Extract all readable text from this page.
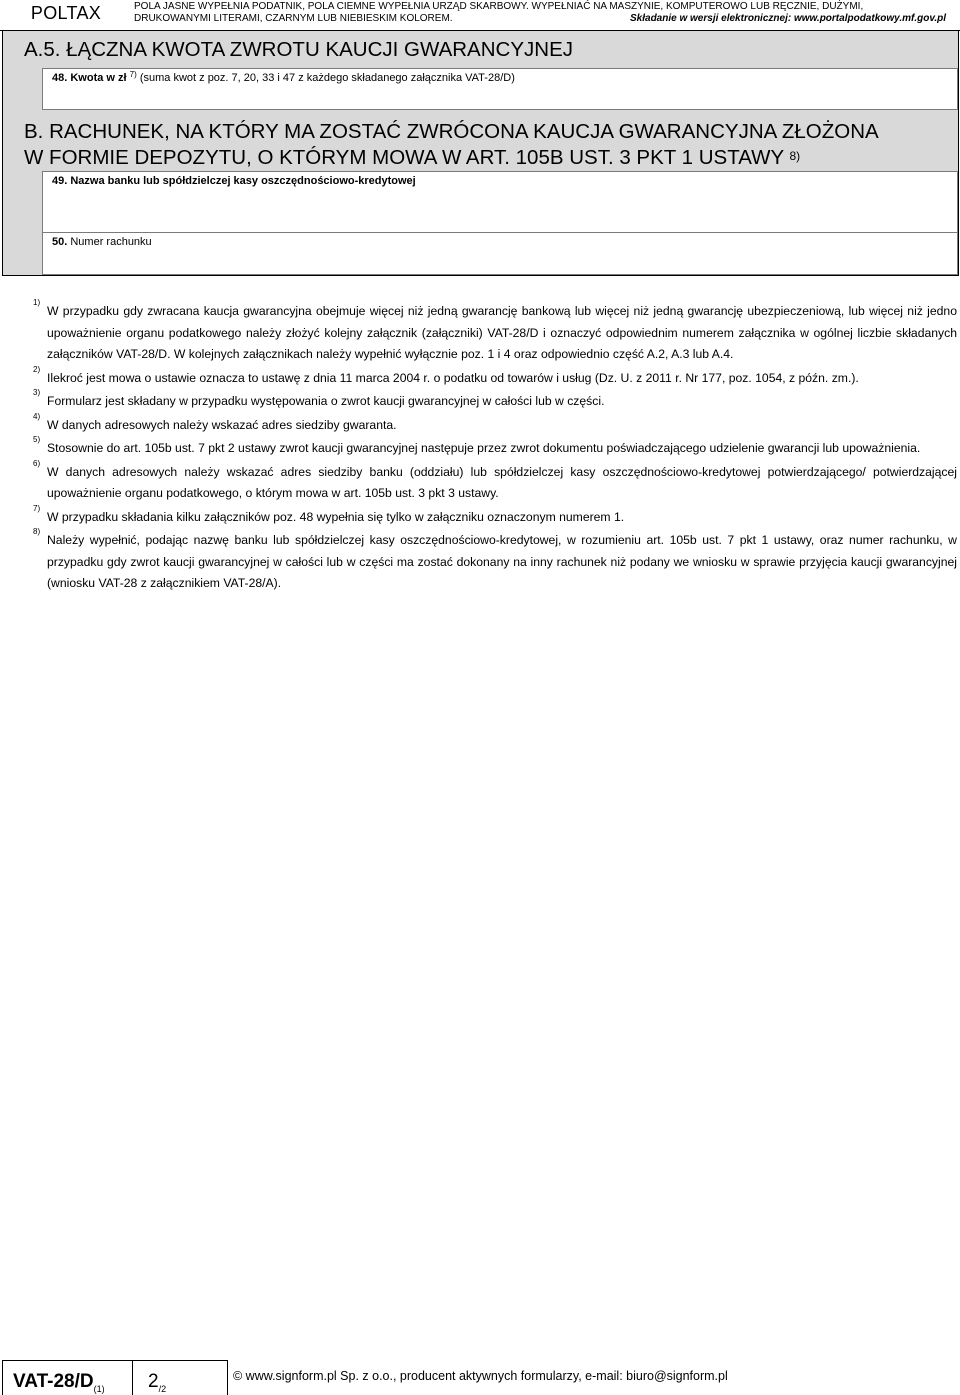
POLTAX	POLA JASNE WYPEŁNIA PODATNIK, POLA CIEMNE WYPEŁNIA URZĄD SKARBOWY. WYPEŁNIAĆ NA MASZYNIE, KOMPUTEROWO LUB RĘCZNIE, DUŻYMI,
DRUKOWANYMI LITERAMI, CZARNYM LUB NIEBIESKIM KOLOREM.	Składanie w wersji elektronicznej: www.portalpodatkowy.mf.gov.pl
A.5. ŁĄCZNA KWOTA ZWROTU KAUCJI GWARANCYJNEJ
48. Kwota w zł $^{7)}$ (suma kwot z poz. 7, 20, 33 i 47 z każdego składanego załącznika VAT-28/D)
B. RACHUNEK, NA KTÓRY MA ZOSTAĆ ZWRÓCONA KAUCJA GWARANCYJNA ZŁOŻONA
W FORMIE DEPOZYTU, O KTÓRYM MOWA W ART. 105B UST. 3 PKT 1 USTAWY $^{8)}$
49. Nazwa banku lub spółdzielczej kasy oszczędnościowo-kredytowej
50. Numer rachunku
1)
W przypadku gdy zwracana kaucja gwarancyjna obejmuje więcej niż jedną gwarancję bankową lub więcej niż jedną gwarancję ubezpieczeniową, lub więcej niż jedno upoważnienie organu podatkowego należy złożyć kolejny załącznik (załączniki) VAT-28/D i oznaczyć odpowiednim numerem załącznika w ogólnej liczbie składanych załączników VAT-28/D. W kolejnych załącznikach należy wypełnić wyłącznie poz. 1 i 4 oraz odpowiednio część A.2, A.3 lub A.4.
2)
Ilekroć jest mowa o ustawie oznacza to ustawę z dnia 11 marca 2004 r. o podatku od towarów i usług (Dz. U. z 2011 r. Nr 177, poz. 1054, z późn. zm.).
3)
Formularz jest składany w przypadku występowania o zwrot kaucji gwarancyjnej w całości lub w części.
4)
W danych adresowych należy wskazać adres siedziby gwaranta.
5)
Stosownie do art. 105b ust. 7 pkt 2 ustawy zwrot kaucji gwarancyjnej następuje przez zwrot dokumentu poświadczającego udzielenie gwarancji lub upoważnienia.
6)
W danych adresowych należy wskazać adres siedziby banku (oddziału) lub spółdzielczej kasy oszczędnościowo-kredytowej potwierdzającego/ potwierdzającej upoważnienie organu podatkowego, o którym mowa w art. 105b ust. 3 pkt 3 ustawy.
7)
W przypadku składania kilku załączników poz. 48 wypełnia się tylko w załączniku oznaczonym numerem 1.
8)
Należy wypełnić, podając nazwę banku lub spółdzielczej kasy oszczędnościowo-kredytowej, w rozumieniu art. 105b ust. 7 pkt 1 ustawy, oraz numer rachunku, w przypadku gdy zwrot kaucji gwarancyjnej w całości lub w części ma zostać dokonany na inny rachunek niż podany we wniosku w sprawie przyjęcia kaucji gwarancyjnej (wniosku VAT-28 z załącznikiem VAT-28/A).
VAT-$28/D_{(1)}$ $2_{/2}$
© www.signform.pl Sp. z o.o., producent aktywnych formularzy, e-mail: biuro@signform.pl
